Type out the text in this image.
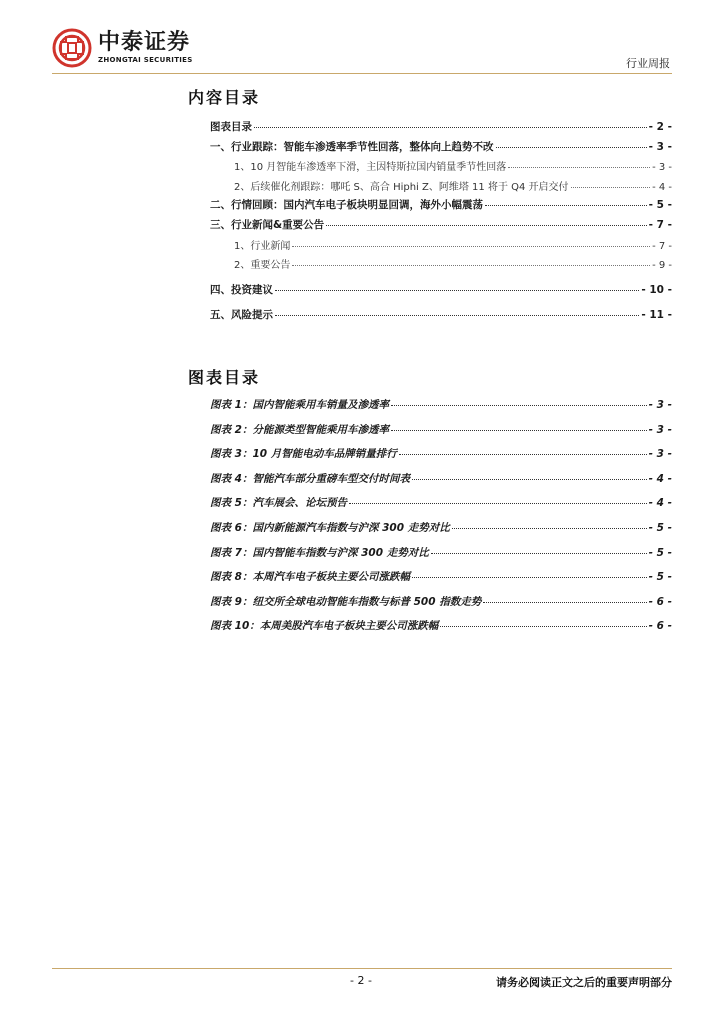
中泰证券
ZHONGTAI SECURITIES	行业周报
内容目录
图表目录	- 2 -
一、行业跟踪：智能车渗透率季节性回落，整体向上趋势不改	- 3 -
1、10 月智能车渗透率下滑，主因特斯拉国内销量季节性回落	- 3 -
2、后续催化剂跟踪：哪吒 S、高合 Hiphi Z、阿维塔 11 将于 Q4 开启交付	- 4 -
二、行情回顾：国内汽车电子板块明显回调，海外小幅震荡	- 5 -
三、行业新闻&重要公告	- 7 -
1、行业新闻	- 7 -
2、重要公告	- 9 -
四、投资建议	- 10 -
五、风险提示	- 11 -
图表目录
图表 1：国内智能乘用车销量及渗透率	- 3 -
图表 2：分能源类型智能乘用车渗透率	- 3 -
图表 3：10 月智能电动车品牌销量排行	- 3 -
图表 4：智能汽车部分重磅车型交付时间表	- 4 -
图表 5：汽车展会、论坛预告	- 4 -
图表 6：国内新能源汽车指数与沪深 300 走势对比	- 5 -
图表 7：国内智能车指数与沪深 300 走势对比	- 5 -
图表 8：本周汽车电子板块主要公司涨跌幅	- 5 -
图表 9：纽交所全球电动智能车指数与标普 500 指数走势	- 6 -
图表 10：本周美股汽车电子板块主要公司涨跌幅	- 6 -
- 2 -	请务必阅读正文之后的重要声明部分
